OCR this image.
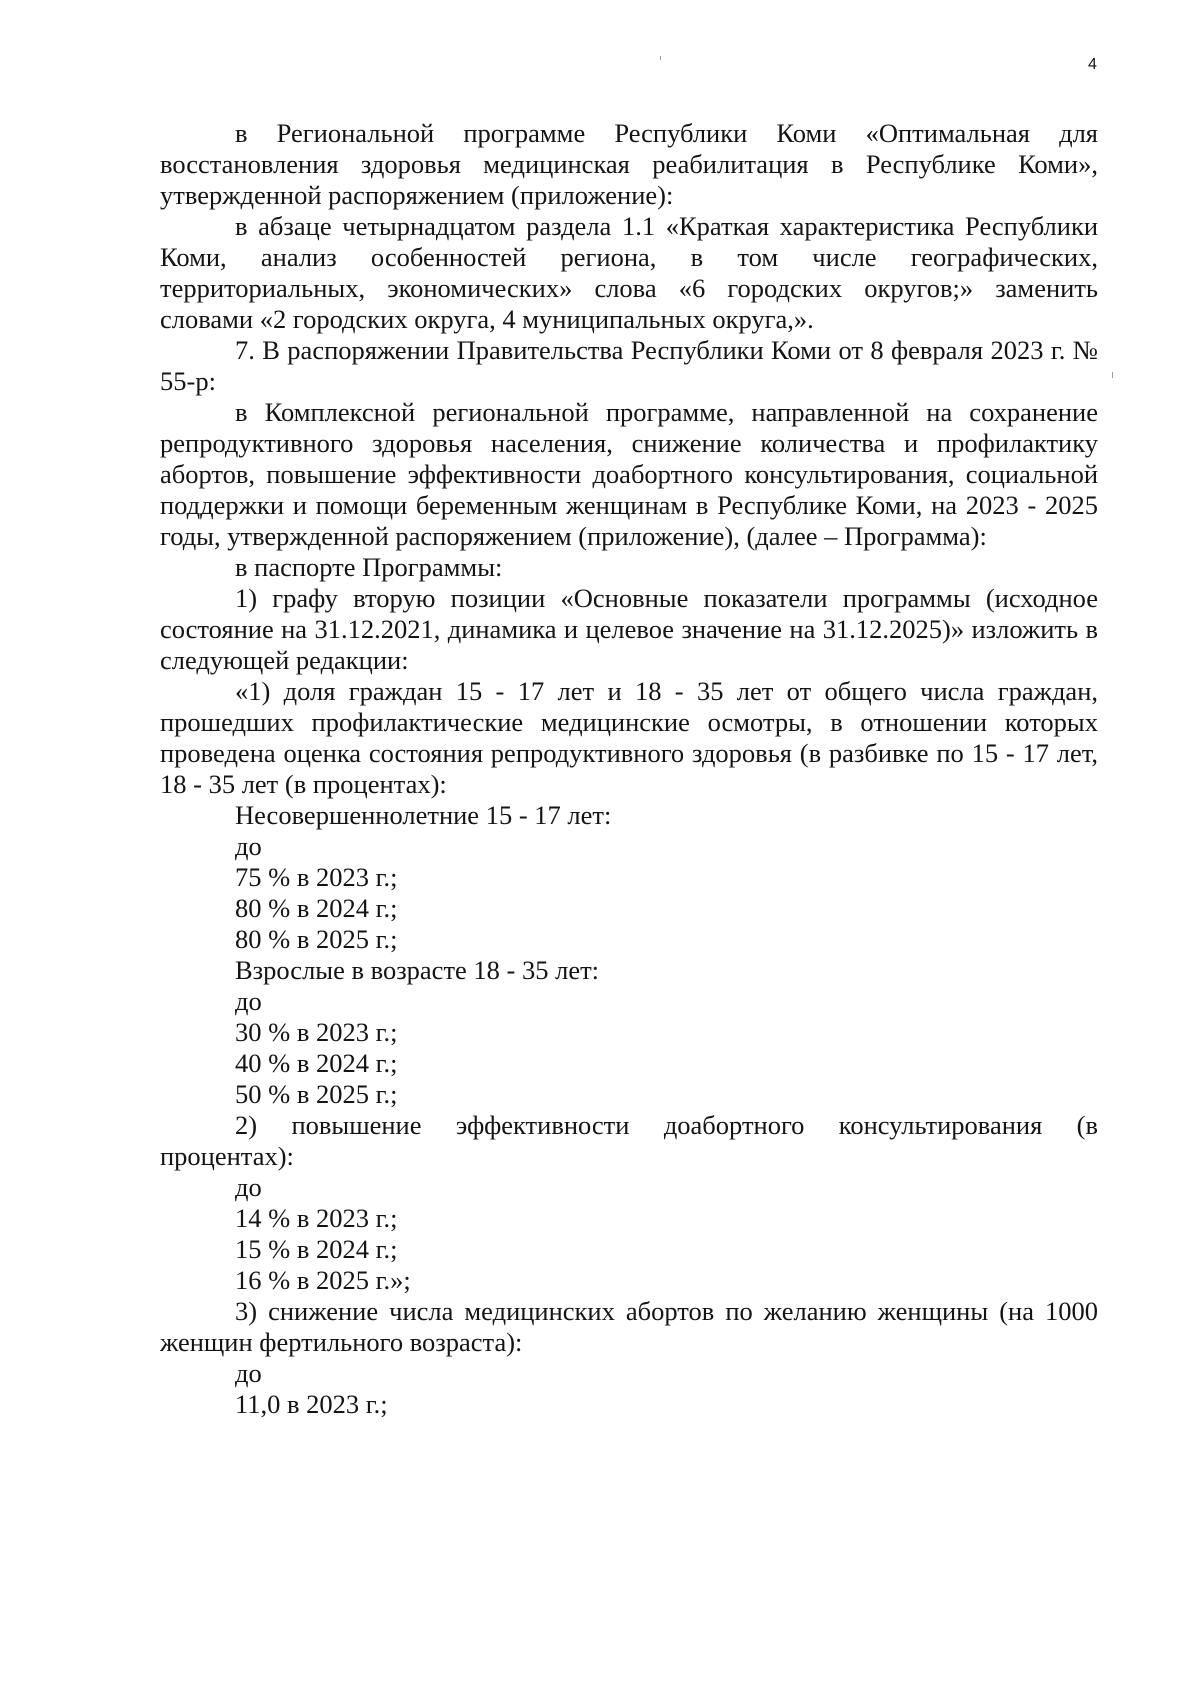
4

в Региональной программе Республики Коми «Оптимальная для восстановления здоровья медицинская реабилитация в Республике Коми», утвержденной распоряжением (приложение):

в абзаце четырнадцатом раздела 1.1 «Краткая характеристика Республики Коми, анализ особенностей региона, в том числе географических, территориальных, экономических» слова «6 городских округов;» заменить словами «2 городских округа, 4 муниципальных округа,».

7. В распоряжении Правительства Республики Коми от 8 февраля 2023 г. № 55-р:

в Комплексной региональной программе, направленной на сохранение репродуктивного здоровья населения, снижение количества и профилактику абортов, повышение эффективности доабортного консультирования, социальной поддержки и помощи беременным женщинам в Республике Коми, на 2023 - 2025 годы, утвержденной распоряжением (приложение), (далее – Программа):

в паспорте Программы:

1) графу вторую позиции «Основные показатели программы (исходное состояние на 31.12.2021, динамика и целевое значение на 31.12.2025)» изложить в следующей редакции:

«1) доля граждан 15 - 17 лет и 18 - 35 лет от общего числа граждан, прошедших профилактические медицинские осмотры, в отношении которых проведена оценка состояния репродуктивного здоровья (в разбивке по 15 - 17 лет, 18 - 35 лет (в процентах):

Несовершеннолетние 15 - 17 лет:

до

75 % в 2023 г.;

80 % в 2024 г.;

80 % в 2025 г.;

Взрослые в возрасте 18 - 35 лет:

до

30 % в 2023 г.;

40 % в 2024 г.;

50 % в 2025 г.;

2) повышение эффективности доабортного консультирования (в процентах):

до

14 % в 2023 г.;

15 % в 2024 г.;

16 % в 2025 г.»;

3) снижение числа медицинских абортов по желанию женщины (на 1000 женщин фертильного возраста):

до

11,0 в 2023 г.;
